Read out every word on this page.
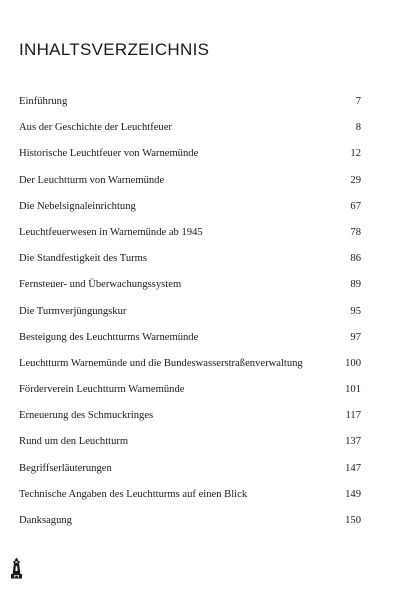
INHALTSVERZEICHNIS
Einführung	7
Aus der Geschichte der Leuchtfeuer	8
Historische Leuchtfeuer von Warnemünde	12
Der Leuchtturm von Warnemünde	29
Die Nebelsignaleinrichtung	67
Leuchtfeuerwesen in Warnemünde ab 1945	78
Die Standfestigkeit des Turms	86
Fernsteuer- und Überwachungssystem	89
Die Turmverjüngungskur	95
Besteigung des Leuchtturms Warnemünde	97
Leuchtturm Warnemünde und die Bundeswasserstraßenverwaltung	100
Förderverein Leuchtturm Warnemünde	101
Erneuerung des Schmuckringes	117
Rund um den Leuchtturm	137
Begriffserläuterungen	147
Technische Angaben des Leuchtturms auf einen Blick	149
Danksagung	150
